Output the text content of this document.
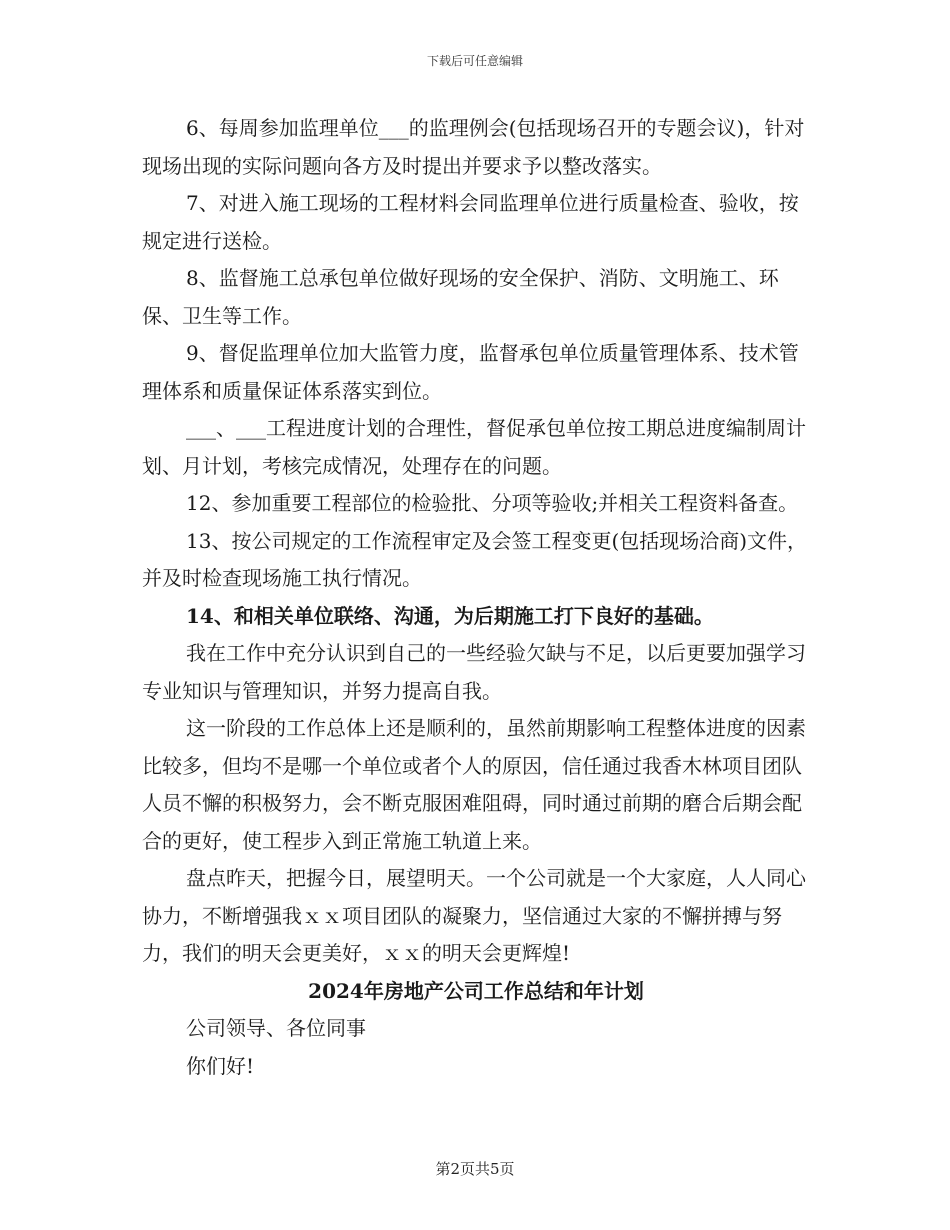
下载后可任意编辑

6、每周参加监理单位___的监理例会(包括现场召开的专题会议)，针对现场出现的实际问题向各方及时提出并要求予以整改落实。

7、对进入施工现场的工程材料会同监理单位进行质量检查、验收，按规定进行送检。

8、监督施工总承包单位做好现场的安全保护、消防、文明施工、环保、卫生等工作。

9、督促监理单位加大监管力度，监督承包单位质量管理体系、技术管理体系和质量保证体系落实到位。

___、___工程进度计划的合理性，督促承包单位按工期总进度编制周计划、月计划，考核完成情况，处理存在的问题。

12、参加重要工程部位的检验批、分项等验收;并相关工程资料备查。

13、按公司规定的工作流程审定及会签工程变更(包括现场洽商)文件，并及时检查现场施工执行情况。

14、和相关单位联络、沟通，为后期施工打下良好的基础。

我在工作中充分认识到自己的一些经验欠缺与不足，以后更要加强学习专业知识与管理知识，并努力提高自我。

这一阶段的工作总体上还是顺利的，虽然前期影响工程整体进度的因素比较多，但均不是哪一个单位或者个人的原因，信任通过我香木林项目团队人员不懈的积极努力，会不断克服困难阻碍，同时通过前期的磨合后期会配合的更好，使工程步入到正常施工轨道上来。

盘点昨天，把握今日，展望明天。一个公司就是一个大家庭，人人同心协力，不断增强我ｘｘ项目团队的凝聚力，坚信通过大家的不懈拼搏与努力，我们的明天会更美好，ｘｘ的明天会更辉煌!

2024年房地产公司工作总结和年计划

公司领导、各位同事

你们好!

第2页共5页
